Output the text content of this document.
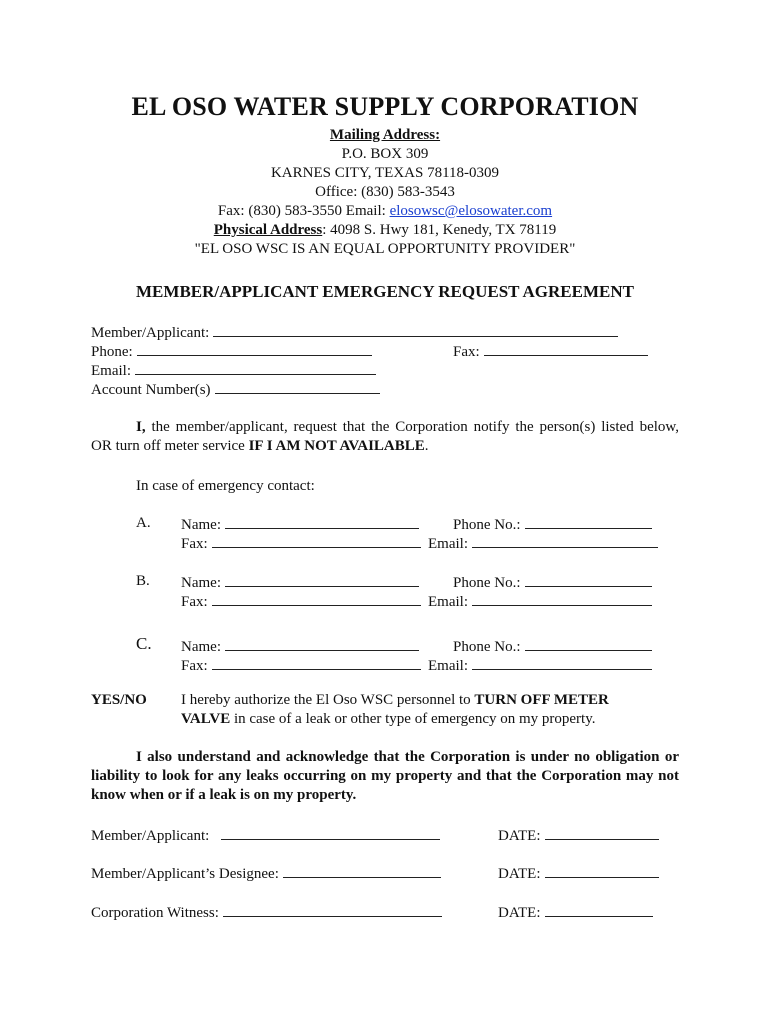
EL OSO WATER SUPPLY CORPORATION
Mailing Address:
P.O. BOX 309
KARNES CITY, TEXAS 78118-0309
Office: (830) 583-3543
Fax: (830) 583-3550 Email: elosowsc@elosowater.com
Physical Address: 4098 S. Hwy 181, Kenedy, TX 78119
"EL OSO WSC IS AN EQUAL OPPORTUNITY PROVIDER"
MEMBER/APPLICANT EMERGENCY REQUEST AGREEMENT
Member/Applicant:
Phone:	Fax:
Email:
Account Number(s)
I, the member/applicant, request that the Corporation notify the person(s) listed below, OR turn off meter service IF I AM NOT AVAILABLE.
In case of emergency contact:
A. Name:	Phone No.:
Fax:	Email:
B. Name:	Phone No.:
Fax:	Email:
C. Name:	Phone No.:
Fax:	Email:
YES/NO I hereby authorize the El Oso WSC personnel to TURN OFF METER
VALVE in case of a leak or other type of emergency on my property.
I also understand and acknowledge that the Corporation is under no obligation or liability to look for any leaks occurring on my property and that the Corporation may not know when or if a leak is on my property.
Member/Applicant:	DATE:
Member/Applicant’s Designee:	DATE:
Corporation Witness:	DATE:
